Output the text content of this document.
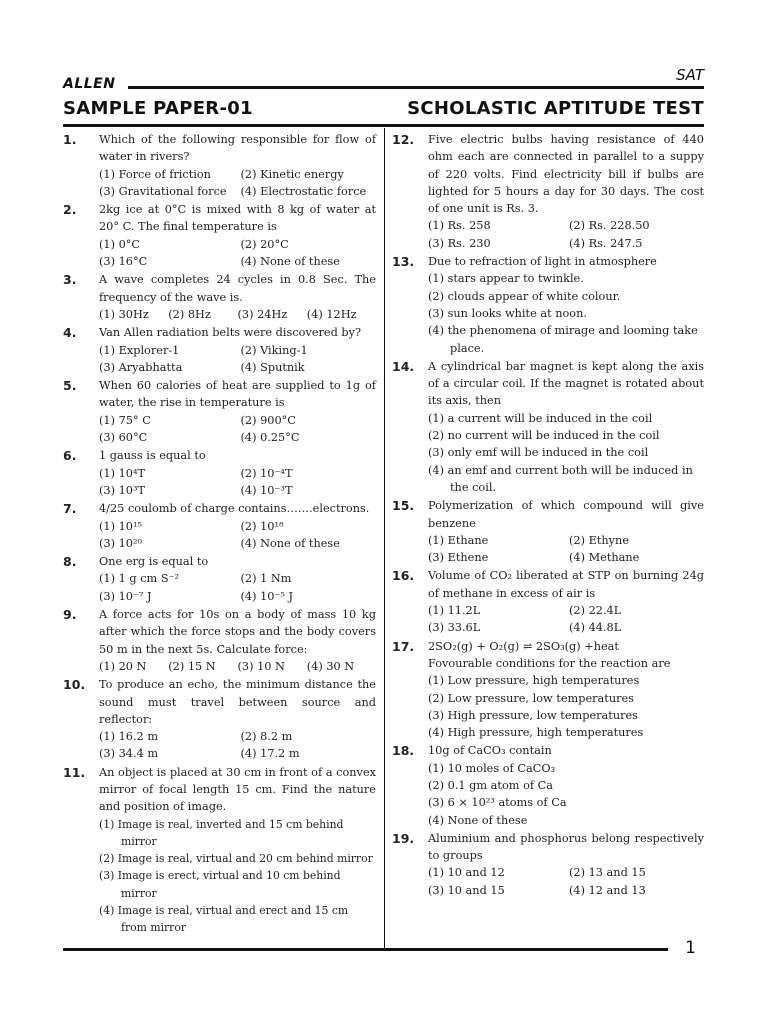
ALLEN	SAT
SAMPLE PAPER-01	SCHOLASTIC APTITUDE TEST
1. Which of the following responsible for flow of water in rivers?
(1) Force of friction	(2) Kinetic energy
(3) Gravitational force	(4) Electrostatic force
2. 2kg ice at 0°C is mixed with 8 kg of water at 20° C. The final temperature is
(1) 0°C	(2) 20°C
(3) 16°C	(4) None of these
3. A wave completes 24 cycles in 0.8 Sec. The frequency of the wave is.
(1) 30Hz	(2) 8Hz	(3) 24Hz	(4) 12Hz
4. Van Allen radiation belts were discovered by?
(1) Explorer-1	(2) Viking-1
(3) Aryabhatta	(4) Sputnik
5. When 60 calories of heat are supplied to 1g of water, the rise in temperature is
(1) 75° C	(2) 900°C
(3) 60°C	(4) 0.25°C
6. 1 gauss is equal to
(1) 10⁴T	(2) 10⁻⁴T
(3) 10³T	(4) 10⁻³T
7. 4/25 coulomb of charge contains…….electrons.
(1) 10¹⁵	(2) 10¹⁸
(3) 10²⁰	(4) None of these
8. One erg is equal to
(1) 1 g cm S⁻²	(2) 1 Nm
(3) 10⁻⁷ J	(4) 10⁻⁵ J
9. A force acts for 10s on a body of mass 10 kg after which the force stops and the body covers 50 m in the next 5s. Calculate force:
(1) 20 N	(2) 15 N	(3) 10 N	(4) 30 N
10. To produce an echo, the minimum distance the sound must travel between source and reflector:
(1) 16.2 m	(2) 8.2 m
(3) 34.4 m	(4) 17.2 m
11. An object is placed at 30 cm in front of a convex mirror of focal length 15 cm. Find the nature and position of image.
(1) Image is real, inverted and 15 cm behind mirror
(2) Image is real, virtual and 20 cm behind mirror
(3) Image is erect, virtual and 10 cm behind mirror
(4) Image is real, virtual and erect and 15 cm from mirror
12. Five electric bulbs having resistance of 440 ohm each are connected in parallel to a suppy of 220 volts. Find electricity bill if bulbs are lighted for 5 hours a day for 30 days. The cost of one unit is Rs. 3.
(1) Rs. 258	(2) Rs. 228.50
(3) Rs. 230	(4) Rs. 247.5
13. Due to refraction of light in atmosphere
(1) stars appear to twinkle.
(2) clouds appear of white colour.
(3) sun looks white at noon.
(4) the phenomena of mirage and looming take place.
14. A cylindrical bar magnet is kept along the axis of a circular coil. If the magnet is rotated about its axis, then
(1) a current will be induced in the coil
(2) no current will be induced in the coil
(3) only emf will be induced in the coil
(4) an emf and current both will be induced in the coil.
15. Polymerization of which compound will give benzene
(1) Ethane	(2) Ethyne
(3) Ethene	(4) Methane
16. Volume of CO₂ liberated at STP on burning 24g of methane in excess of air is
(1) 11.2L	(2) 22.4L
(3) 33.6L	(4) 44.8L
17. 2SO₂(g) + O₂(g) ⇌ 2SO₃(g) +heat
Fovourable conditions for the reaction are
(1) Low pressure, high temperatures
(2) Low pressure, low temperatures
(3) High pressure, low temperatures
(4) High pressure, high temperatures
18. 10g of CaCO₃ contain
(1) 10 moles of CaCO₃
(2) 0.1 gm atom of Ca
(3) 6 × 10²³ atoms of Ca
(4) None of these
19. Aluminium and phosphorus belong respectively to groups
(1) 10 and 12	(2) 13 and 15
(3) 10 and 15	(4) 12 and 13
1
